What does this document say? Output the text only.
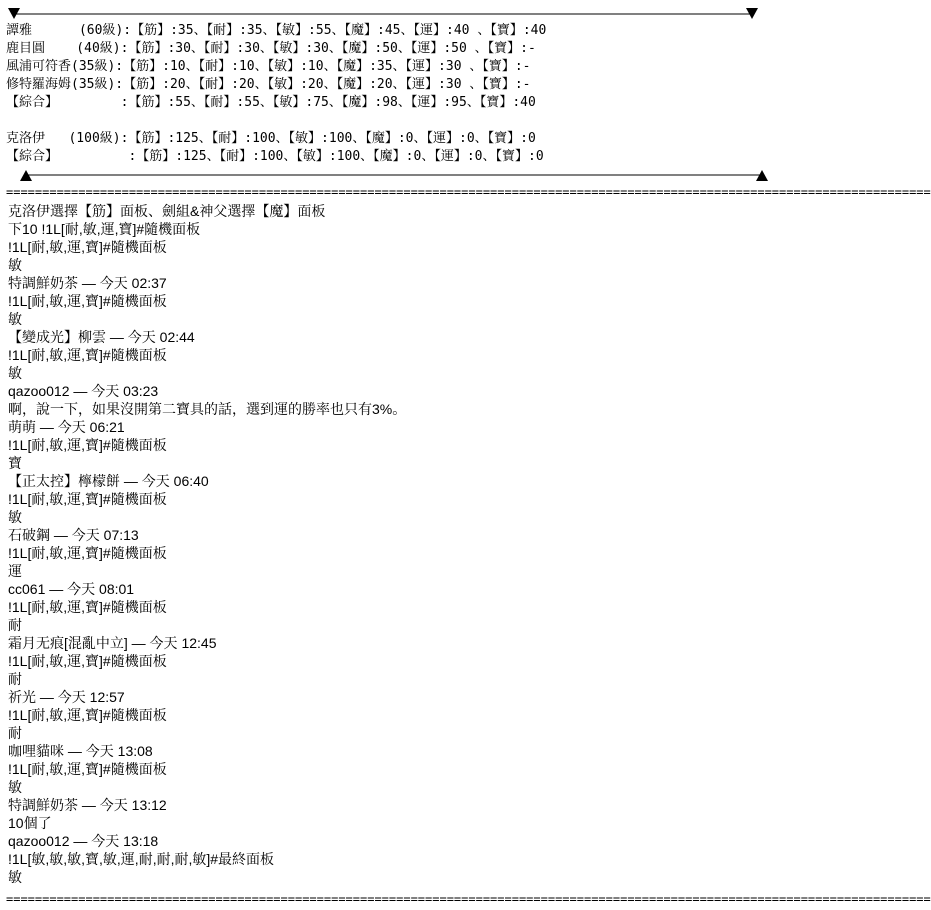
譚雅      (60級):【筋】:35、【耐】:35、【敏】:55、【魔】:45、【運】:40 、【寶】:40
鹿目圓    (40級):【筋】:30、【耐】:30、【敏】:30、【魔】:50、【運】:50 、【寶】:-
風浦可符香(35級):【筋】:10、【耐】:10、【敏】:10、【魔】:35、【運】:30 、【寶】:-
修特羅海姆(35級):【筋】:20、【耐】:20、【敏】:20、【魔】:20、【運】:30 、【寶】:-
【綜合】        :【筋】:55、【耐】:55、【敏】:75、【魔】:98、【運】:95、【寶】:40
克洛伊   (100級):【筋】:125、【耐】:100、【敏】:100、【魔】:0、【運】:0、【寶】:0
【綜合】         :【筋】:125、【耐】:100、【敏】:100、【魔】:0、【運】:0、【寶】:0
================================================================================================================================
================================================================================================================================
克洛伊選擇【筋】面板、劍組&神父選擇【魔】面板
下10 !1L[耐,敏,運,寶]#隨機面板
!1L[耐,敏,運,寶]#隨機面板
敏
特調鮮奶茶 — 今天 02:37
!1L[耐,敏,運,寶]#隨機面板
敏
【變成光】柳雲 — 今天 02:44
!1L[耐,敏,運,寶]#隨機面板
敏
qazoo012 — 今天 03:23
啊，說一下，如果沒開第二寶具的話，選到運的勝率也只有3%。
萌萌 — 今天 06:21
!1L[耐,敏,運,寶]#隨機面板
寶
【正太控】檸檬餅 — 今天 06:40
!1L[耐,敏,運,寶]#隨機面板
敏
石破鋼 — 今天 07:13
!1L[耐,敏,運,寶]#隨機面板
運
cc061 — 今天 08:01
!1L[耐,敏,運,寶]#隨機面板
耐
霜月无痕[混亂中立] — 今天 12:45
!1L[耐,敏,運,寶]#隨機面板
耐
祈光 — 今天 12:57
!1L[耐,敏,運,寶]#隨機面板
耐
咖哩貓咪 — 今天 13:08
!1L[耐,敏,運,寶]#隨機面板
敏
特調鮮奶茶 — 今天 13:12
10個了
qazoo012 — 今天 13:18
!1L[敏,敏,敏,寶,敏,運,耐,耐,耐,敏]#最終面板
敏
